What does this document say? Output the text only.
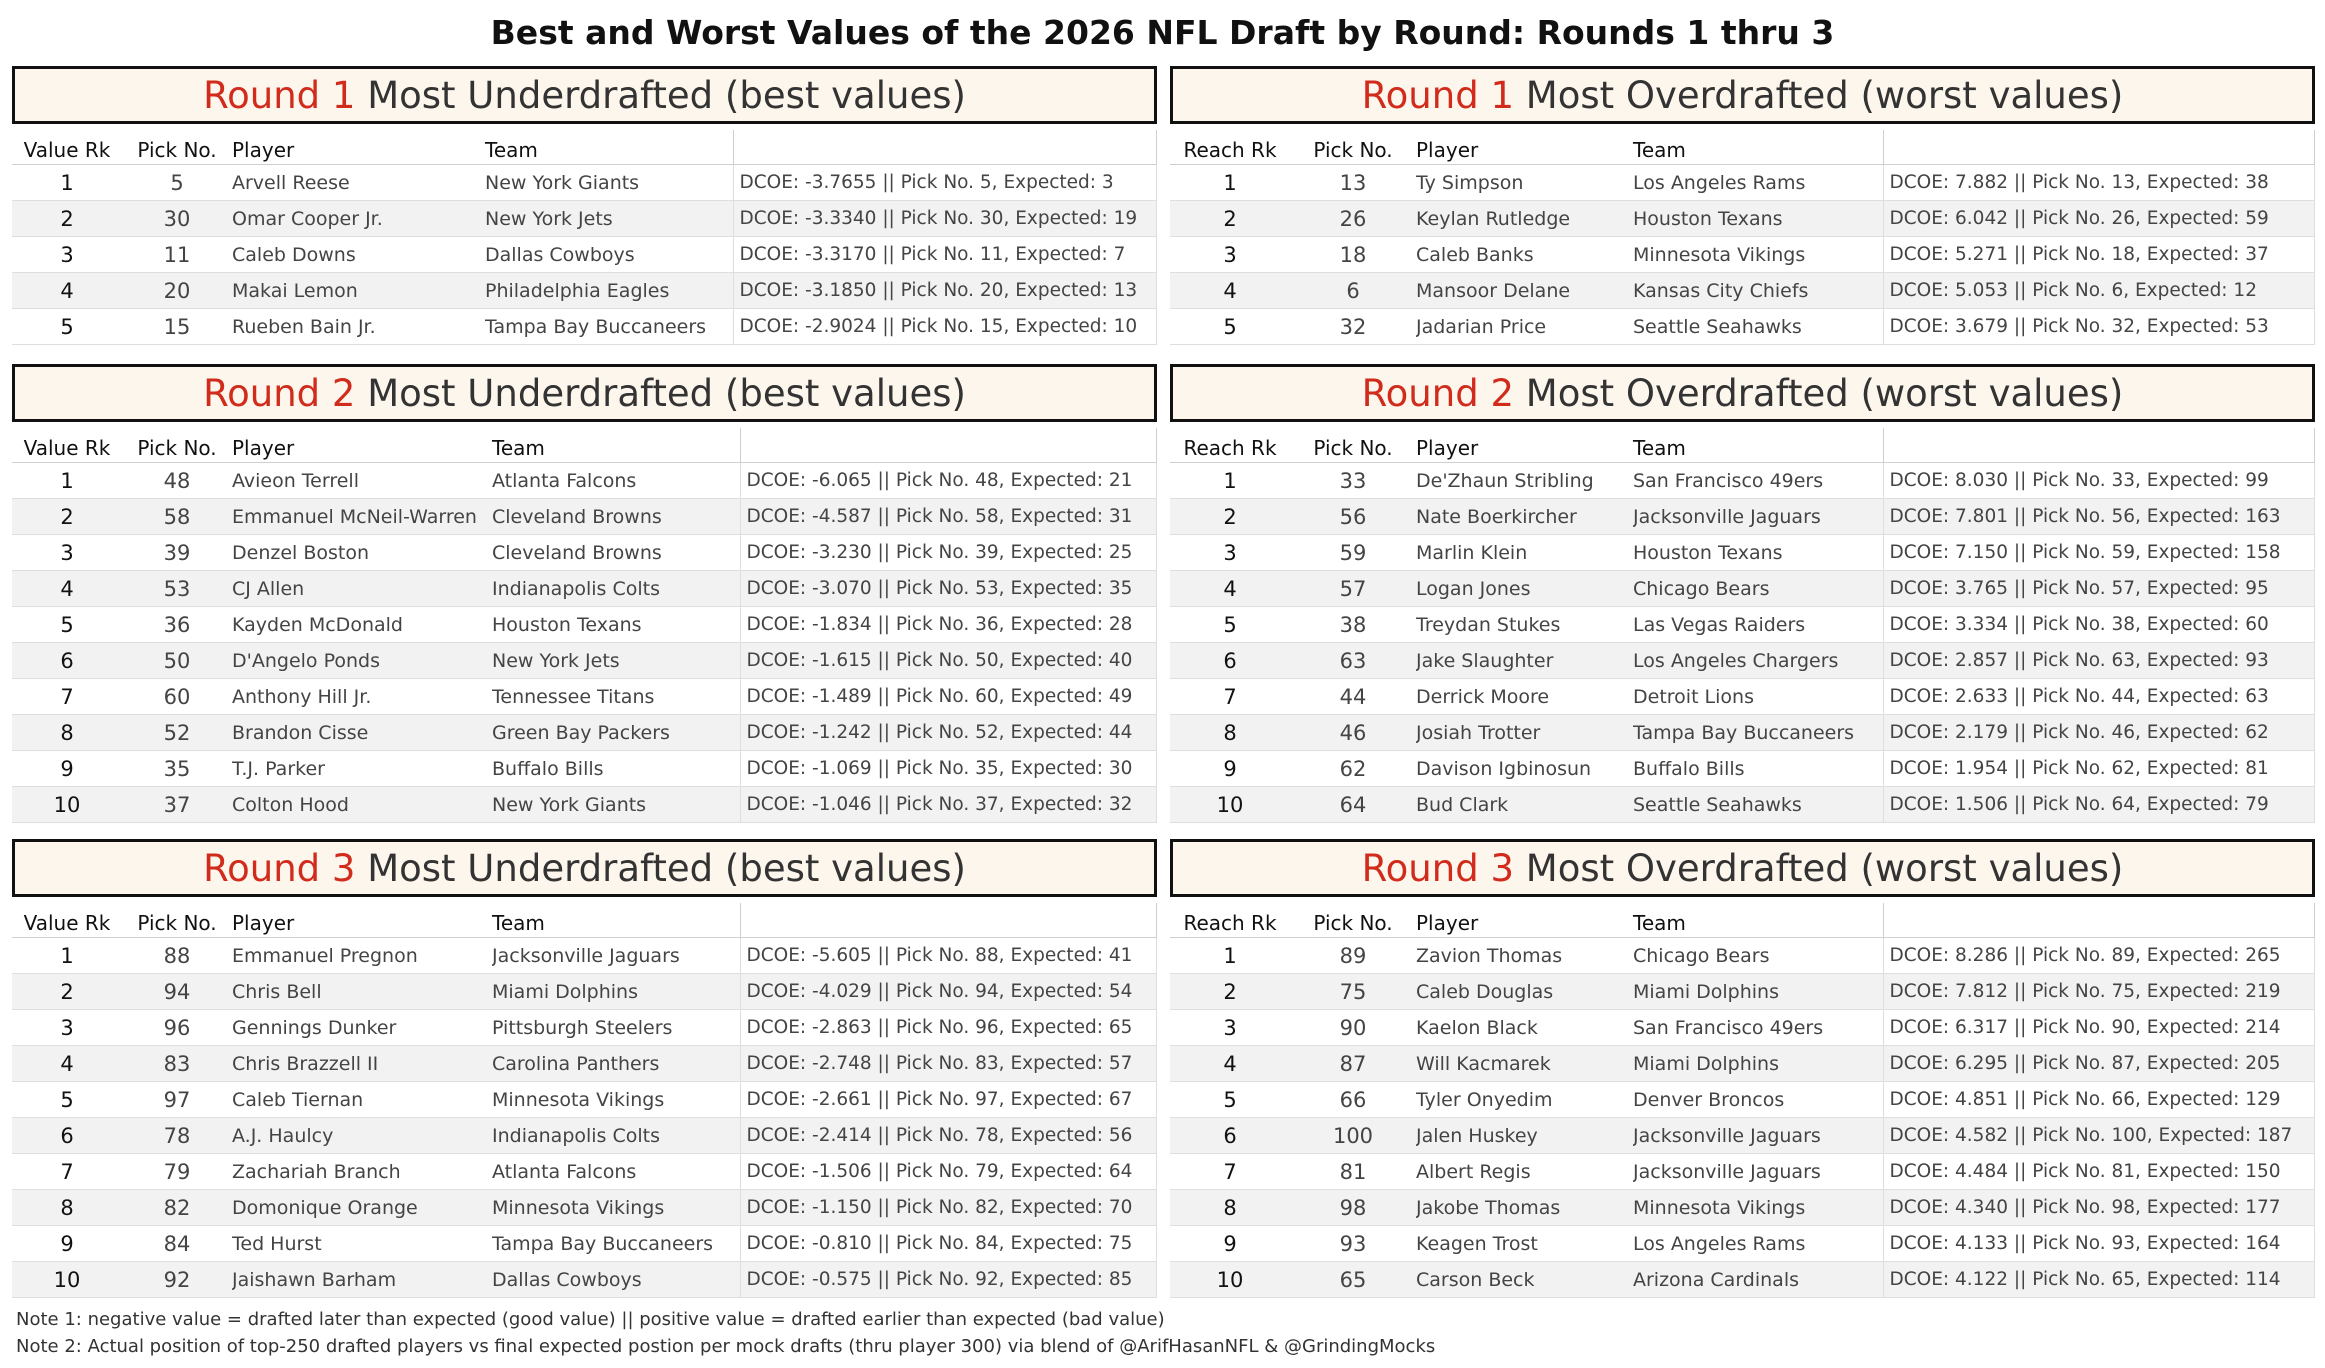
Best and Worst Values of the 2026 NFL Draft by Round: Rounds 1 thru 3
Round 1 Most Underdrafted (best values)
Value Rk	Pick No.	Player	Team	
1	5	Arvell Reese	New York Giants	DCOE: -3.7655 || Pick No. 5, Expected: 3
2	30	Omar Cooper Jr.	New York Jets	DCOE: -3.3340 || Pick No. 30, Expected: 19
3	11	Caleb Downs	Dallas Cowboys	DCOE: -3.3170 || Pick No. 11, Expected: 7
4	20	Makai Lemon	Philadelphia Eagles	DCOE: -3.1850 || Pick No. 20, Expected: 13
5	15	Rueben Bain Jr.	Tampa Bay Buccaneers	DCOE: -2.9024 || Pick No. 15, Expected: 10
Round 1 Most Overdrafted (worst values)
Reach Rk	Pick No.	Player	Team	
1	13	Ty Simpson	Los Angeles Rams	DCOE: 7.882 || Pick No. 13, Expected: 38
2	26	Keylan Rutledge	Houston Texans	DCOE: 6.042 || Pick No. 26, Expected: 59
3	18	Caleb Banks	Minnesota Vikings	DCOE: 5.271 || Pick No. 18, Expected: 37
4	6	Mansoor Delane	Kansas City Chiefs	DCOE: 5.053 || Pick No. 6, Expected: 12
5	32	Jadarian Price	Seattle Seahawks	DCOE: 3.679 || Pick No. 32, Expected: 53
Round 2 Most Underdrafted (best values)
Value Rk	Pick No.	Player	Team	
1	48	Avieon Terrell	Atlanta Falcons	DCOE: -6.065 || Pick No. 48, Expected: 21
2	58	Emmanuel McNeil-Warren	Cleveland Browns	DCOE: -4.587 || Pick No. 58, Expected: 31
3	39	Denzel Boston	Cleveland Browns	DCOE: -3.230 || Pick No. 39, Expected: 25
4	53	CJ Allen	Indianapolis Colts	DCOE: -3.070 || Pick No. 53, Expected: 35
5	36	Kayden McDonald	Houston Texans	DCOE: -1.834 || Pick No. 36, Expected: 28
6	50	D'Angelo Ponds	New York Jets	DCOE: -1.615 || Pick No. 50, Expected: 40
7	60	Anthony Hill Jr.	Tennessee Titans	DCOE: -1.489 || Pick No. 60, Expected: 49
8	52	Brandon Cisse	Green Bay Packers	DCOE: -1.242 || Pick No. 52, Expected: 44
9	35	T.J. Parker	Buffalo Bills	DCOE: -1.069 || Pick No. 35, Expected: 30
10	37	Colton Hood	New York Giants	DCOE: -1.046 || Pick No. 37, Expected: 32
Round 2 Most Overdrafted (worst values)
Reach Rk	Pick No.	Player	Team	
1	33	De'Zhaun Stribling	San Francisco 49ers	DCOE: 8.030 || Pick No. 33, Expected: 99
2	56	Nate Boerkircher	Jacksonville Jaguars	DCOE: 7.801 || Pick No. 56, Expected: 163
3	59	Marlin Klein	Houston Texans	DCOE: 7.150 || Pick No. 59, Expected: 158
4	57	Logan Jones	Chicago Bears	DCOE: 3.765 || Pick No. 57, Expected: 95
5	38	Treydan Stukes	Las Vegas Raiders	DCOE: 3.334 || Pick No. 38, Expected: 60
6	63	Jake Slaughter	Los Angeles Chargers	DCOE: 2.857 || Pick No. 63, Expected: 93
7	44	Derrick Moore	Detroit Lions	DCOE: 2.633 || Pick No. 44, Expected: 63
8	46	Josiah Trotter	Tampa Bay Buccaneers	DCOE: 2.179 || Pick No. 46, Expected: 62
9	62	Davison Igbinosun	Buffalo Bills	DCOE: 1.954 || Pick No. 62, Expected: 81
10	64	Bud Clark	Seattle Seahawks	DCOE: 1.506 || Pick No. 64, Expected: 79
Round 3 Most Underdrafted (best values)
Value Rk	Pick No.	Player	Team	
1	88	Emmanuel Pregnon	Jacksonville Jaguars	DCOE: -5.605 || Pick No. 88, Expected: 41
2	94	Chris Bell	Miami Dolphins	DCOE: -4.029 || Pick No. 94, Expected: 54
3	96	Gennings Dunker	Pittsburgh Steelers	DCOE: -2.863 || Pick No. 96, Expected: 65
4	83	Chris Brazzell II	Carolina Panthers	DCOE: -2.748 || Pick No. 83, Expected: 57
5	97	Caleb Tiernan	Minnesota Vikings	DCOE: -2.661 || Pick No. 97, Expected: 67
6	78	A.J. Haulcy	Indianapolis Colts	DCOE: -2.414 || Pick No. 78, Expected: 56
7	79	Zachariah Branch	Atlanta Falcons	DCOE: -1.506 || Pick No. 79, Expected: 64
8	82	Domonique Orange	Minnesota Vikings	DCOE: -1.150 || Pick No. 82, Expected: 70
9	84	Ted Hurst	Tampa Bay Buccaneers	DCOE: -0.810 || Pick No. 84, Expected: 75
10	92	Jaishawn Barham	Dallas Cowboys	DCOE: -0.575 || Pick No. 92, Expected: 85
Round 3 Most Overdrafted (worst values)
Reach Rk	Pick No.	Player	Team	
1	89	Zavion Thomas	Chicago Bears	DCOE: 8.286 || Pick No. 89, Expected: 265
2	75	Caleb Douglas	Miami Dolphins	DCOE: 7.812 || Pick No. 75, Expected: 219
3	90	Kaelon Black	San Francisco 49ers	DCOE: 6.317 || Pick No. 90, Expected: 214
4	87	Will Kacmarek	Miami Dolphins	DCOE: 6.295 || Pick No. 87, Expected: 205
5	66	Tyler Onyedim	Denver Broncos	DCOE: 4.851 || Pick No. 66, Expected: 129
6	100	Jalen Huskey	Jacksonville Jaguars	DCOE: 4.582 || Pick No. 100, Expected: 187
7	81	Albert Regis	Jacksonville Jaguars	DCOE: 4.484 || Pick No. 81, Expected: 150
8	98	Jakobe Thomas	Minnesota Vikings	DCOE: 4.340 || Pick No. 98, Expected: 177
9	93	Keagen Trost	Los Angeles Rams	DCOE: 4.133 || Pick No. 93, Expected: 164
10	65	Carson Beck	Arizona Cardinals	DCOE: 4.122 || Pick No. 65, Expected: 114
Note 1: negative value = drafted later than expected (good value) || positive value = drafted earlier than expected (bad value)
Note 2: Actual position of top-250 drafted players vs final expected postion per mock drafts (thru player 300) via blend of @ArifHasanNFL & @GrindingMocks
